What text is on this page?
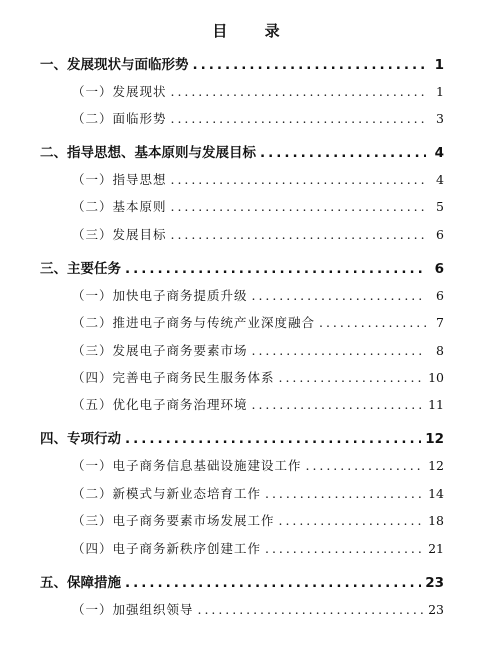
目 录
一、发展现状与面临形势 .....	1
（一）发展现状 . . .	1
（二）面临形势 . . .	3
二、指导思想、基本原则与发展目标 .....	4
（一）指导思想 . . .	4
（二）基本原则 . . .	5
（三）发展目标 . . .	6
三、主要任务 .....	6
（一）加快电子商务提质升级 . . .	6
（二）推进电子商务与传统产业深度融合 . . .	7
（三）发展电子商务要素市场 . . .	8
（四）完善电子商务民生服务体系 . . .	10
（五）优化电子商务治理环境 . . .	11
四、专项行动 .....	12
（一）电子商务信息基础设施建设工作 . . .	12
（二）新模式与新业态培育工作 . . .	14
（三）电子商务要素市场发展工作 . . .	18
（四）电子商务新秩序创建工作 . . .	21
五、保障措施 .....	23
（一）加强组织领导 . . .	23
